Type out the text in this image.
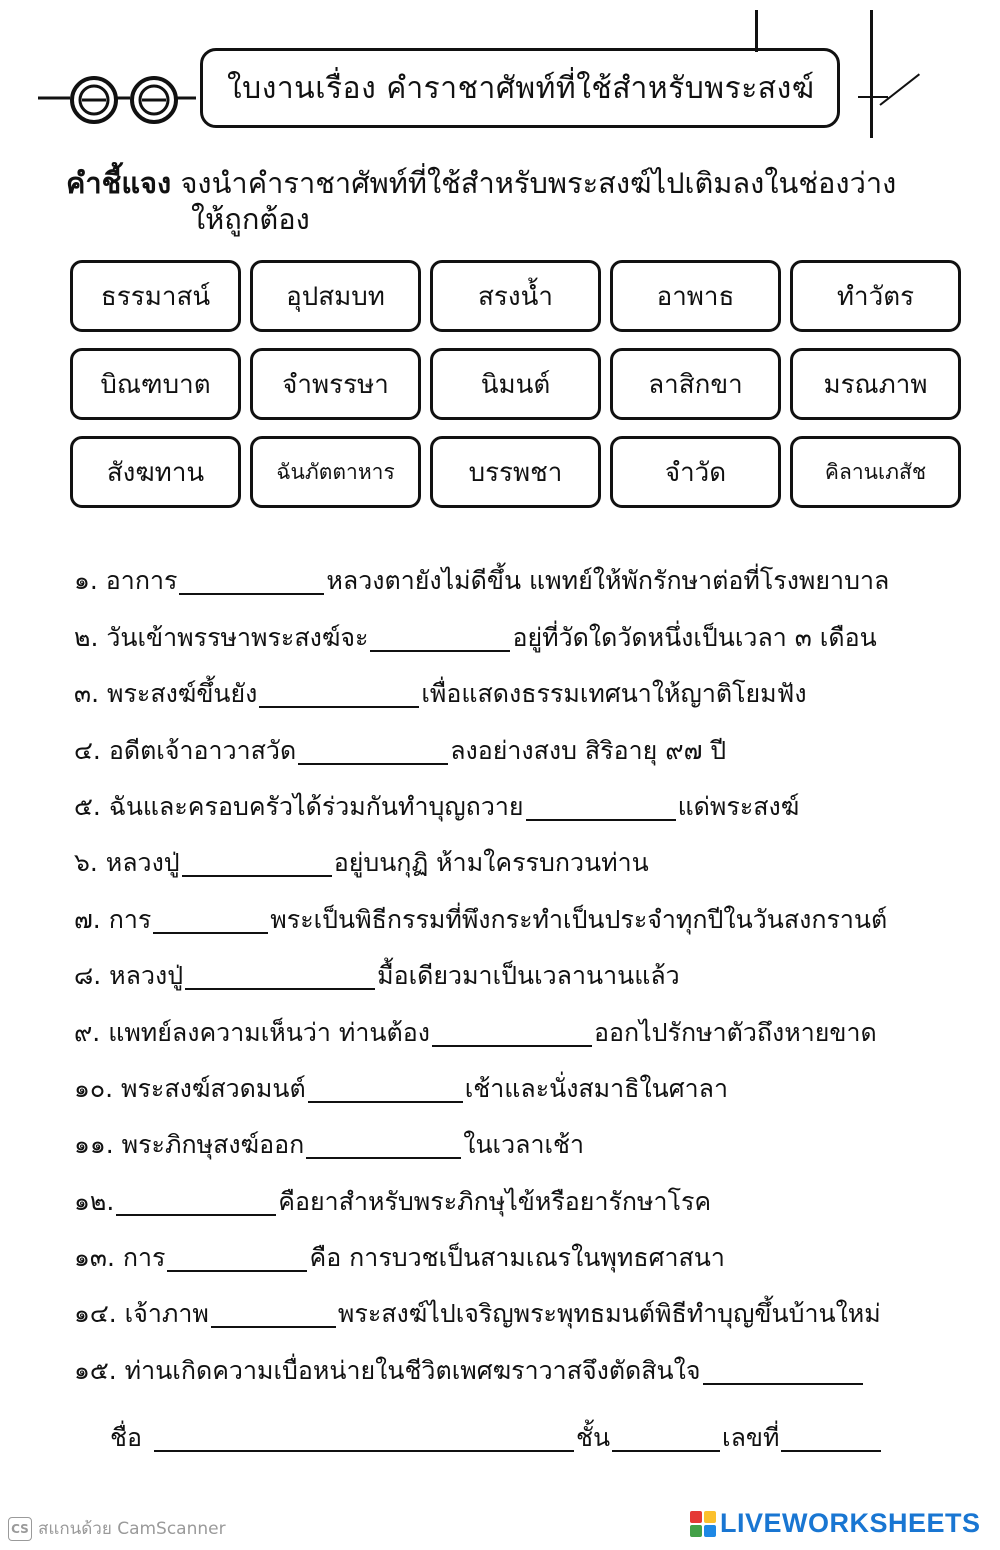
ใบงานเรื่อง คำราชาศัพท์ที่ใช้สำหรับพระสงฆ์
คำชี้แจง จงนำคำราชาศัพท์ที่ใช้สำหรับพระสงฆ์ไปเติมลงในช่องว่าง
ให้ถูกต้อง
ธรรมาสน์	อุปสมบท	สรงน้ำ	อาพาธ	ทำวัตร
บิณฑบาต	จำพรรษา	นิมนต์	ลาสิกขา	มรณภาพ
สังฆทาน	ฉันภัตตาหาร	บรรพชา	จำวัด	คิลานเภสัช
๑. อาการ	หลวงตายังไม่ดีขึ้น แพทย์ให้พักรักษาต่อที่โรงพยาบาล
๒. วันเข้าพรรษาพระสงฆ์จะ	อยู่ที่วัดใดวัดหนึ่งเป็นเวลา ๓ เดือน
๓. พระสงฆ์ขึ้นยัง	เพื่อแสดงธรรมเทศนาให้ญาติโยมฟัง
๔. อดีตเจ้าอาวาสวัด	ลงอย่างสงบ สิริอายุ ๙๗ ปี
๕. ฉันและครอบครัวได้ร่วมกันทำบุญถวาย	แด่พระสงฆ์
๖. หลวงปู่	อยู่บนกุฏิ ห้ามใครรบกวนท่าน
๗. การ	พระเป็นพิธีกรรมที่พึงกระทำเป็นประจำทุกปีในวันสงกรานต์
๘. หลวงปู่	มื้อเดียวมาเป็นเวลานานแล้ว
๙. แพทย์ลงความเห็นว่า ท่านต้อง	ออกไปรักษาตัวถึงหายขาด
๑๐. พระสงฆ์สวดมนต์	เช้าและนั่งสมาธิในศาลา
๑๑. พระภิกษุสงฆ์ออก	ในเวลาเช้า
๑๒.	คือยาสำหรับพระภิกษุไข้หรือยารักษาโรค
๑๓. การ	คือ การบวชเป็นสามเณรในพุทธศาสนา
๑๔. เจ้าภาพ	พระสงฆ์ไปเจริญพระพุทธมนต์พิธีทำบุญขึ้นบ้านใหม่
๑๕. ท่านเกิดความเบื่อหน่ายในชีวิตเพศฆราวาสจึงตัดสินใจ
ชื่อ	ชั้น	เลขที่
CS สแกนด้วย CamScanner	LIVEWORKSHEETS
